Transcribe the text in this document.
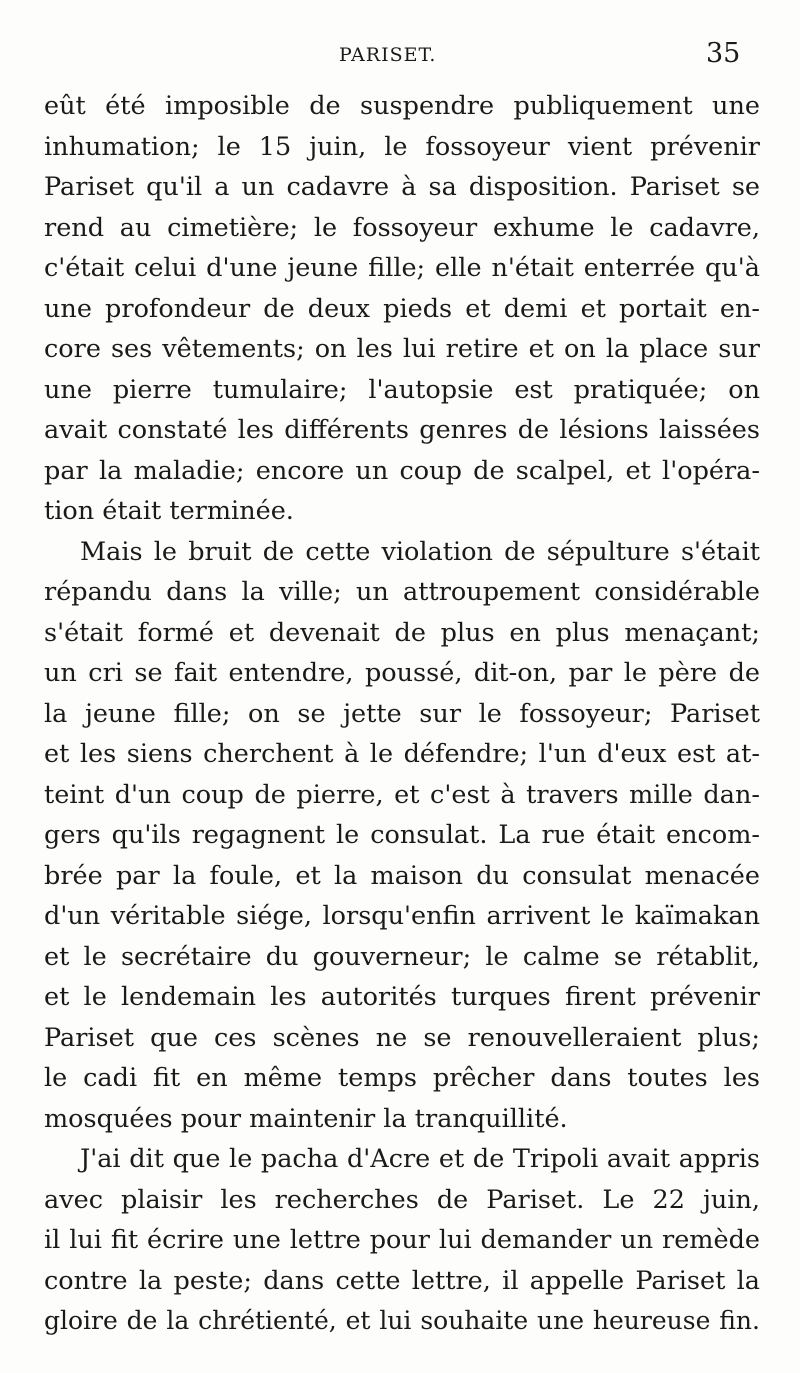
PARISET.	35
eût été imposible de suspendre publiquement une
inhumation; le 15 juin, le fossoyeur vient prévenir
Pariset qu'il a un cadavre à sa disposition. Pariset se
rend au cimetière; le fossoyeur exhume le cadavre,
c'était celui d'une jeune fille; elle n'était enterrée qu'à
une profondeur de deux pieds et demi et portait en-
core ses vêtements; on les lui retire et on la place sur
une pierre tumulaire; l'autopsie est pratiquée; on
avait constaté les différents genres de lésions laissées
par la maladie; encore un coup de scalpel, et l'opéra-
tion était terminée.
Mais le bruit de cette violation de sépulture s'était
répandu dans la ville; un attroupement considérable
s'était formé et devenait de plus en plus menaçant;
un cri se fait entendre, poussé, dit-on, par le père de
la jeune fille; on se jette sur le fossoyeur; Pariset
et les siens cherchent à le défendre; l'un d'eux est at-
teint d'un coup de pierre, et c'est à travers mille dan-
gers qu'ils regagnent le consulat. La rue était encom-
brée par la foule, et la maison du consulat menacée
d'un véritable siége, lorsqu'enfin arrivent le kaïmakan
et le secrétaire du gouverneur; le calme se rétablit,
et le lendemain les autorités turques firent prévenir
Pariset que ces scènes ne se renouvelleraient plus;
le cadi fit en même temps prêcher dans toutes les
mosquées pour maintenir la tranquillité.
J'ai dit que le pacha d'Acre et de Tripoli avait appris
avec plaisir les recherches de Pariset. Le 22 juin,
il lui fit écrire une lettre pour lui demander un remède
contre la peste; dans cette lettre, il appelle Pariset la
gloire de la chrétienté, et lui souhaite une heureuse fin.
